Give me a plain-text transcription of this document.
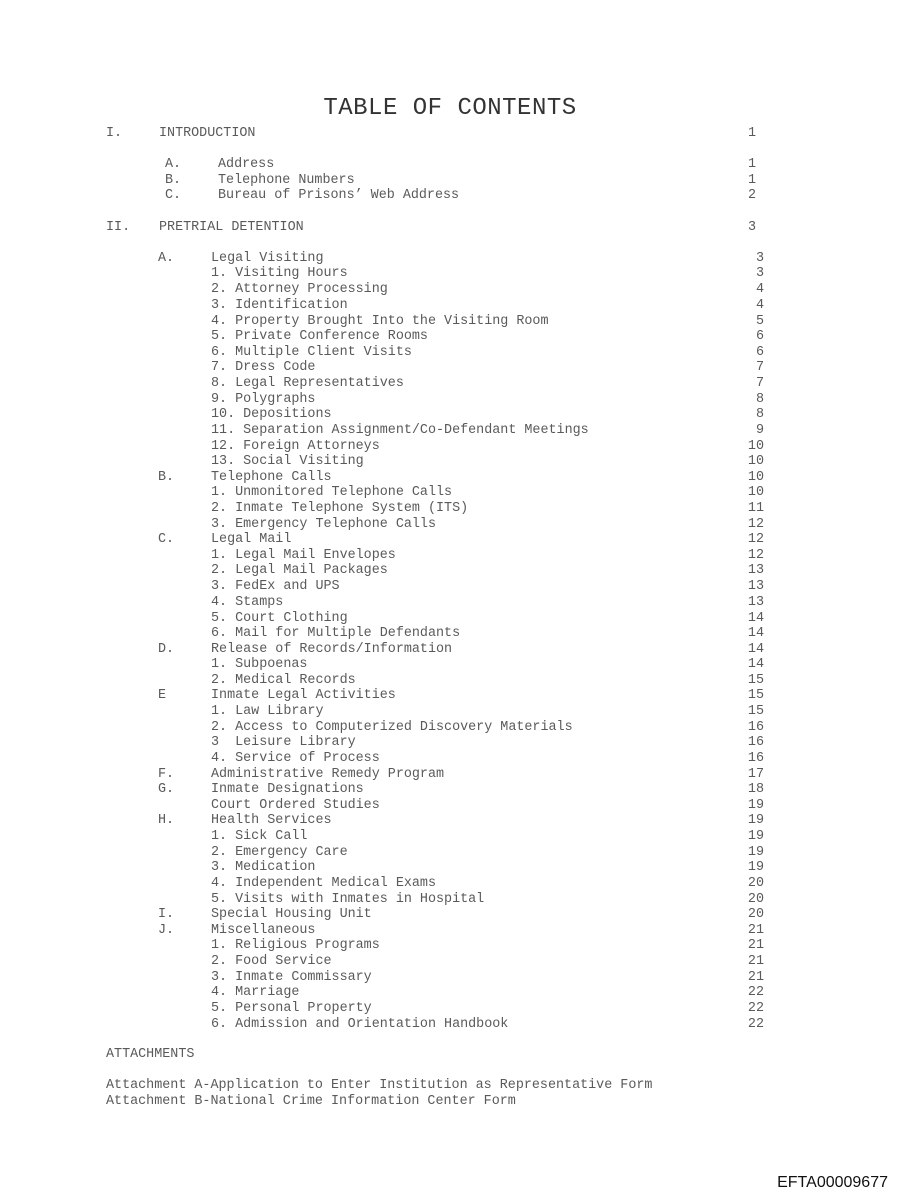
TABLE OF CONTENTS
I.	INTRODUCTION	1
A.	Address	1
B.	Telephone Numbers	1
C.	Bureau of Prisons’ Web Address	2
II. PRETRIAL DETENTION	3
A.	Legal Visiting	3
1. Visiting Hours	3
2. Attorney Processing	4
3. Identification	4
4. Property Brought Into the Visiting Room	5
5. Private Conference Rooms	6
6. Multiple Client Visits	6
7. Dress Code	7
8. Legal Representatives	7
9. Polygraphs	8
10. Depositions	8
11. Separation Assignment/Co-Defendant Meetings	9
12. Foreign Attorneys	10
13. Social Visiting	10
B.	Telephone Calls	10
1. Unmonitored Telephone Calls	10
2. Inmate Telephone System (ITS)	11
3. Emergency Telephone Calls	12
C.	Legal Mail	12
1. Legal Mail Envelopes	12
2. Legal Mail Packages	13
3. FedEx and UPS	13
4. Stamps	13
5. Court Clothing	14
6. Mail for Multiple Defendants	14
D.	Release of Records/Information	14
1. Subpoenas	14
2. Medical Records	15
E	Inmate Legal Activities	15
1. Law Library	15
2. Access to Computerized Discovery Materials	16
3  Leisure Library	16
4. Service of Process	16
F.	Administrative Remedy Program	17
G.	Inmate Designations	18
Court Ordered Studies	19
H.	Health Services	19
1. Sick Call	19
2. Emergency Care	19
3. Medication	19
4. Independent Medical Exams	20
5. Visits with Inmates in Hospital	20
I.	Special Housing Unit	20
J.	Miscellaneous	21
1. Religious Programs	21
2. Food Service	21
3. Inmate Commissary	21
4. Marriage	22
5. Personal Property	22
6. Admission and Orientation Handbook	22
ATTACHMENTS
Attachment A-Application to Enter Institution as Representative Form
Attachment B-National Crime Information Center Form
EFTA00009677
